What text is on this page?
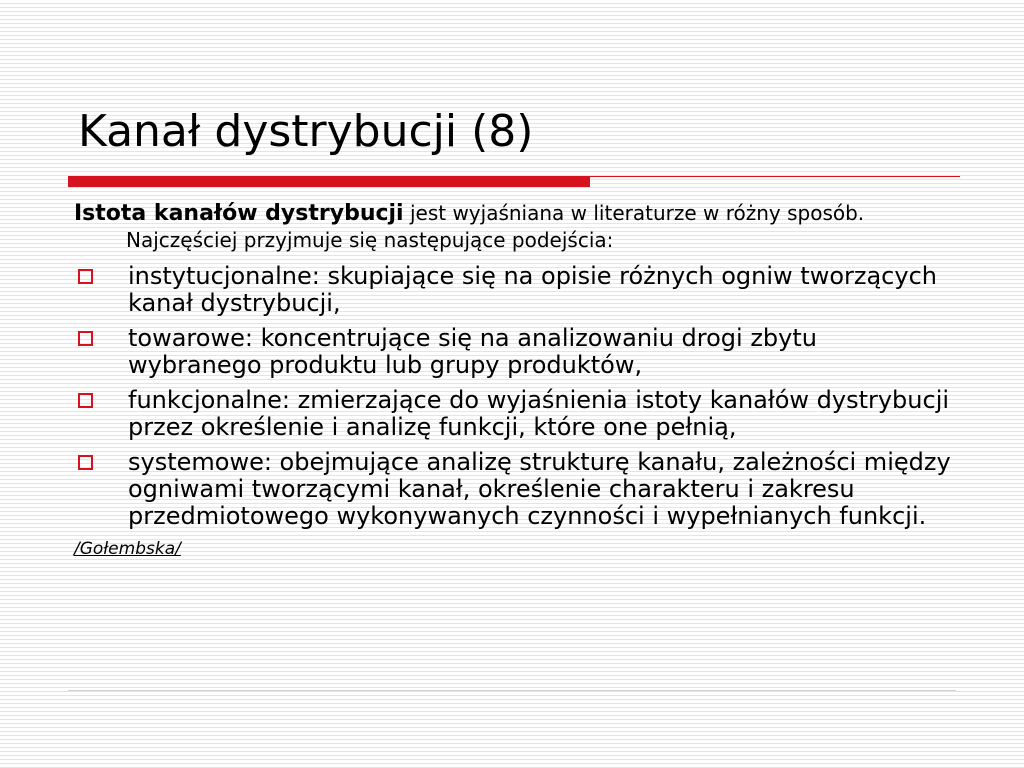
Kanał dystrybucji (8)

Istota kanałów dystrybucji jest wyjaśniana w literaturze w różny sposób. Najczęściej przyjmuje się następujące podejścia:

instytucjonalne: skupiające się na opisie różnych ogniw tworzących kanał dystrybucji,
towarowe: koncentrujące się na analizowaniu drogi zbytu wybranego produktu lub grupy produktów,
funkcjonalne: zmierzające do wyjaśnienia istoty kanałów dystrybucji przez określenie i analizę funkcji, które one pełnią,
systemowe: obejmujące analizę strukturę kanału, zależności między ogniwami tworzącymi kanał, określenie charakteru i zakresu przedmiotowego wykonywanych czynności i wypełnianych funkcji.

/Gołembska/
